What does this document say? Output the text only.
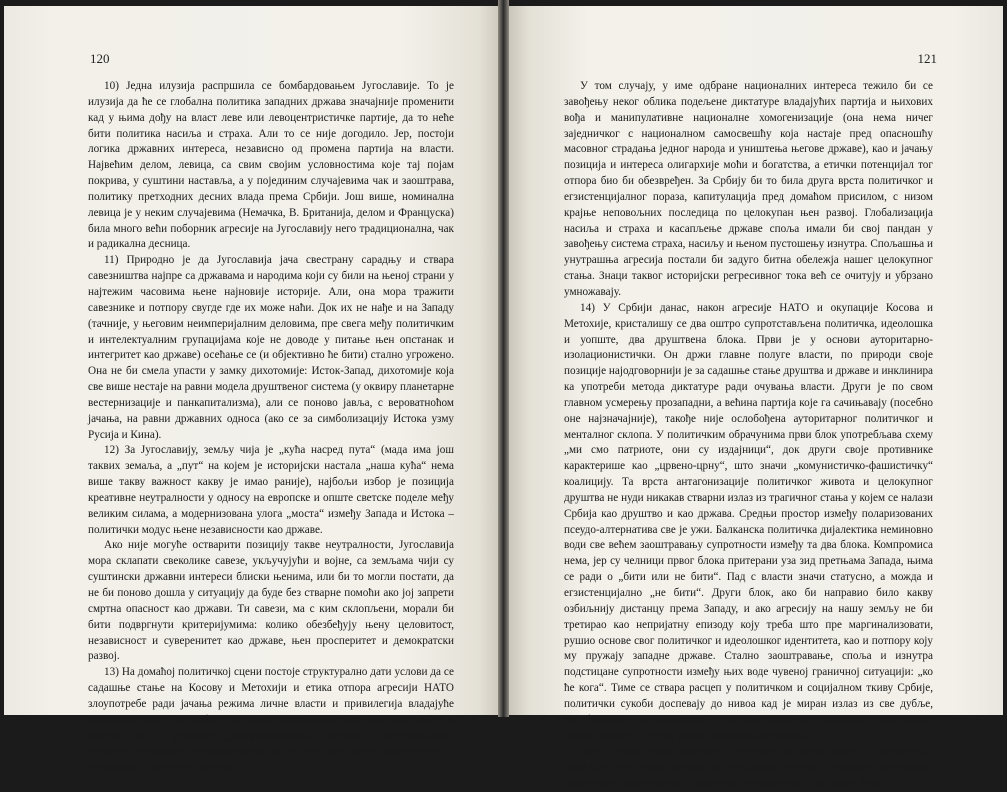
120

10) Једна илузија распршила се бомбардовањем Југославије. То је илузија да ће се глобална политика западних држава значајније променити кад у њима дођу на власт леве или левоцентристичке партије, да то неће бити политика насиља и страха. Али то се није догодило. Јер, постоји логика државних интереса, независно од промена партија на власти. Највећим делом, левица, са свим својим условностима које тај појам покрива, у суштини наставља, а у појединим случајевима чак и заоштрава, политику претходних десних влада према Србији. Још више, номинална левица је у неким случајевима (Немачка, В. Британија, делом и Француска) била много већи поборник агресије на Југославију него традиционална, чак и радикална десница.

11) Природно је да Југославија јача свестрану сарадњу и ствара савезништва најпре са државама и народима који су били на њеној страни у најтежим часовима њене најновије историје. Али, она мора тражити савезнике и потпору свугде где их може наћи. Док их не нађе и на Западу (тачније, у његовим неимперијалним деловима, пре свега међу политичким и интелектуалним групацијама које не доводе у питање њен опстанак и интегритет као државе) осећање се (и објективно ће бити) стално угрожено. Она не би смела упасти у замку дихотомије: Исток-Запад, дихотомије која све више нестаје на равни модела друштвеног система (у оквиру планетарне вестернизације и панкапитализма), али се поново јавља, с вероватноћом јачања, на равни државних односа (ако се за симболизацију Истока узму Русија и Кина).

12) За Југославију, земљу чија је „кућа насред пута“ (мада има још таквих земаља, а „пут“ на којем је историјски настала „наша кућа“ нема више такву важност какву је имао раније), најбољи избор је позиција креативне неутралности у односу на европске и опште светске поделе међу великим силама, а модернизована улога „моста“ између Запада и Истока – политички модус њене независности као државе.

Ако није могуће остварити позицију такве неутралности, Југославија мора склапати свеколике савезе, укључујући и војне, са земљама чији су суштински државни интереси блиски њенима, или би то могли постати, да не би поново дошла у ситуацију да буде без стварне помоћи ако јој запрети смртна опасност као држави. Ти савези, ма с ким склопљени, морали би бити подвргнути критеријумима: колико обезбеђују њену целовитост, независност и суверенитет као државе, њен просперитет и демократски развој.

13) На домаћој политичкој сцени постоје структурално дати услови да се садашње стање на Косову и Метохији и етика отпора агресији НАТО злоупотребе ради јачања режима личне власти и привилегија владајуће политичке елите, да добију екстремно националистичку интерпретацију и изведбу, као и функцију „дисциплиновања“ грађана и неутрализације огромног социјалног незадовољства, да се оно преусмери првенствено ка учвршћењу постојећег режима.

121

У том случају, у име одбране националних интереса тежило би се завођењу неког облика подељене диктатуре владајућих партија и њихових вођа и манипулативне националне хомогенизације (она нема ничег заједничког с националном самосвешћу која настаје пред опасношћу масовног страдања једног народа и уништења његове државе), као и јачању позиција и интереса олигархије моћи и богатства, а етички потенцијал тог отпора био би обезвређен. За Србију би то била друга врста политичког и егзистенцијалног пораза, капитулација пред домаћом присилом, с низом крајње неповољних последица по целокупан њен развој. Глобализација насиља и страха и касапљење државе споља имали би свој пандан у завођењу система страха, насиљу и њеном пустошењу изнутра. Спољашња и унутрашња агресија постали би задуго битна обележја нашег целокупног стања. Знаци таквог историјски регресивног тока већ се очитују и убрзано умножавају.

14) У Србији данас, након агресије НАТО и окупације Косова и Метохије, кристалишу се два оштро супротстављена политичка, идеолошка и уопште, два друштвена блока. Први је у основи ауторитарно-изолационистички. Он држи главне полуге власти, по природи своје позиције најодговорнији је за садашње стање друштва и државе и инклинира ка употреби метода диктатуре ради очувања власти. Други је по свом главном усмерењу прозападни, а већина партија које га сачињавају (посебно оне најзначајније), такође није ослобођена ауторитарног политичког и менталног склопа. У политичким обрачунима први блок употребљава схему „ми смо патриоте, они су издајници“, док други своје противнике карактерише као „црвено-црну“, што значи „комунистичко-фашистичку“ коалицију. Та врста антагонизације политичког живота и целокупног друштва не нуди никакав стварни излаз из трагичног стања у којем се налази Србија као друштво и као држава. Средњи простор између поларизованих псеудо-алтернатива све је ужи. Балканска политичка дијалектика неминовно води све већем заоштравању супротности између та два блока. Компромиса нема, јер су челници првог блока притерани уза зид претњама Запада, њима се ради о „бити или не бити“. Пад с власти значи статусно, а можда и егзистенцијално „не бити“. Други блок, ако би направио било какву озбиљнију дистанцу према Западу, и ако агресију на нашу земљу не би третирао као непријатну епизоду коју треба што пре маргинализовати, рушио основе свог политичког и идеолошког идентитета, као и потпору коју му пружају западне државе. Стално заоштравање, споља и изнутра подстицане супротности између њих воде чувеној граничној ситуацији: „ко ће кога“. Тиме се ствара расцеп у политичком и социјалном ткиву Србије, политички сукоби доспевају до нивоа кад је миран излаз из све дубље, свеобухватне и дегенеративне друштвене кризе све удаљенији, а могућност њеног крвавог и уједно разног расплета све ближа.

Ако се такво стање настави, а поготову ако ојача, може се догодити да први блок неће моћи да влада без ескалације насиља и убрзаног претварања политичких противника у политичке непријатеље, а да други блок,
